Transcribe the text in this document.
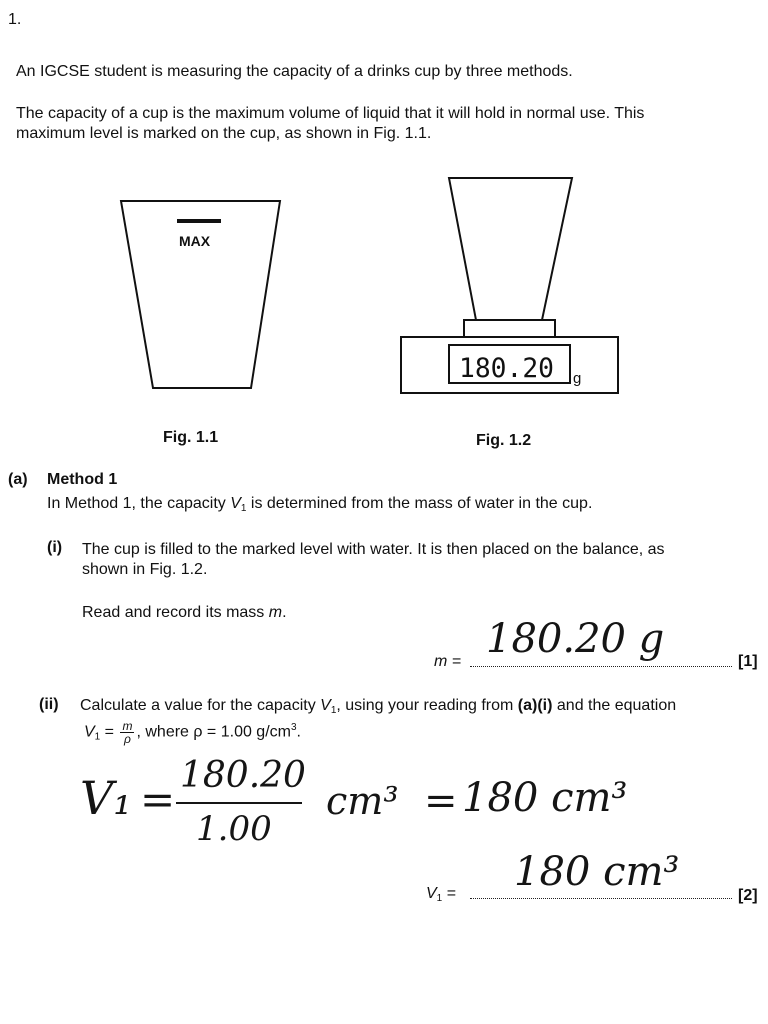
1.
An IGCSE student is measuring the capacity of a drinks cup by three methods.
The capacity of a cup is the maximum volume of liquid that it will hold in normal use. This
maximum level is marked on the cup, as shown in Fig. 1.1.
MAX
180.20 g
Fig. 1.1	Fig. 1.2
(a) Method 1
In Method 1, the capacity $V_1$ is determined from the mass of water in the cup.
(i) The cup is filled to the marked level with water. It is then placed on the balance, as
shown in Fig. 1.2.
Read and record its mass m.
m = 180.20 g	[1]
(ii) Calculate a value for the capacity $V_1$, using your reading from (a)(i) and the equation
$V_1 = \frac{m}{\rho}$ , where ρ = 1.00 $g/cm^3$.
V₁ = 180.20
1.00
cm³ = 180 cm³
$V_1 = 180$ cm³
[2]
